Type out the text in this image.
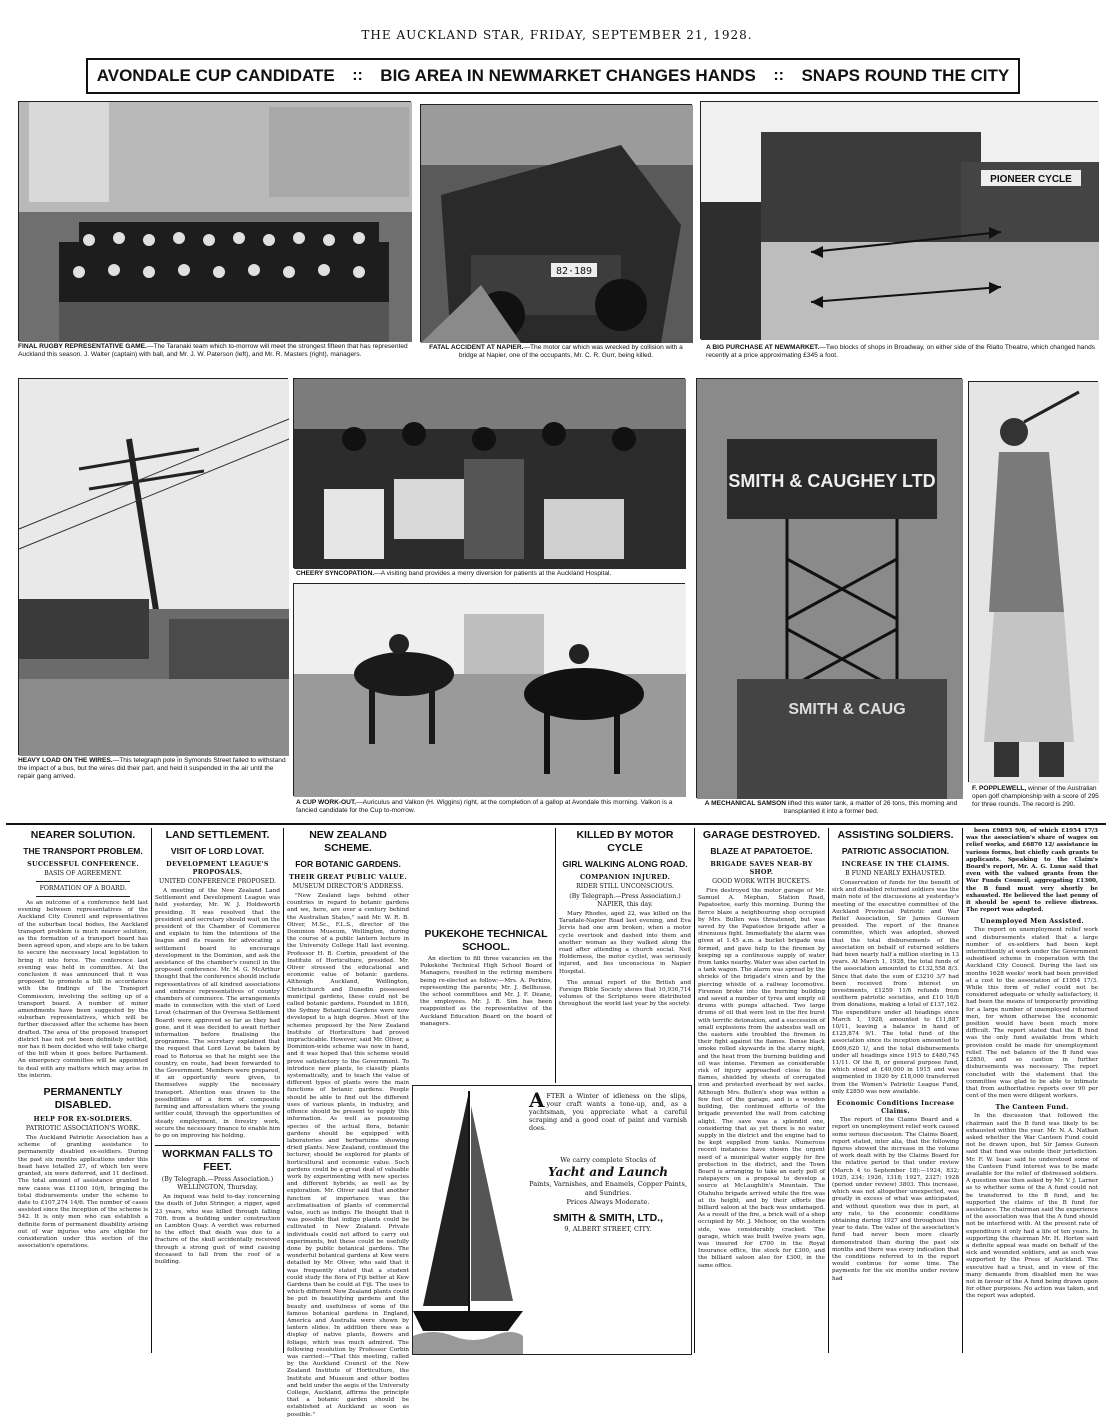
THE AUCKLAND STAR, FRIDAY, SEPTEMBER 21, 1928.
AVONDALE CUP CANDIDATE :: BIG AREA IN NEWMARKET CHANGES HANDS :: SNAPS ROUND THE CITY
FINAL RUGBY REPRESENTATIVE GAME.—The Taranaki team which to-morrow will meet the strongest fifteen that has represented Auckland this season. J. Walter (captain) with ball, and Mr. J. W. Paterson (left), and Mr. R. Masters (right), managers.
82·189
FATAL ACCIDENT AT NAPIER.—The motor car which was wrecked by collision with a bridge at Napier, one of the occupants, Mr. C. R. Gurr, being killed.
PIONEER CYCLE
A BIG PURCHASE AT NEWMARKET.—Two blocks of shops in Broadway, on either side of the Rialto Theatre, which changed hands recently at a price approximating £345 a foot.
HEAVY LOAD ON THE WIRES.—This telegraph pole in Symonds Street failed to withstand the impact of a bus, but the wires did their part, and held it suspended in the air until the repair gang arrived.
CHEERY SYNCOPATION.—A visiting band provides a merry diversion for patients at the Auckland Hospital.
A CUP WORK-OUT.—Auriculus and Valkon (H. Wiggins) right, at the completion of a gallop at Avondale this morning. Valkon is a fancied candidate for the Cup to-morrow.
SMITH & CAUGHEY LTD
SMITH & CAUG
A MECHANICAL SAMSON lifted this water tank, a matter of 26 tons, this morning and transplanted it into a former bed.
F. POPPLEWELL, winner of the Australian open golf championship with a score of 295 for three rounds. The record is 290.
NEARER SOLUTION.
THE TRANSPORT PROBLEM.
SUCCESSFUL CONFERENCE.
BASIS OF AGREEMENT.
FORMATION OF A BOARD.

As an outcome of a conference held last evening between representatives of the Auckland City Council and representatives of the suburban local bodies, the Auckland transport problem is much nearer solution, as the formation of a transport board has been agreed upon, and steps are to be taken to secure the necessary local legislation to bring it into force. The conference last evening was held in committee. At the conclusion it was announced that it was proposed to promote a bill in accordance with the findings of the Transport Commission, involving the setting up of a transport board. A number of minor amendments have been suggested by the suburban representatives, which will be further discussed after the scheme has been drafted. The area of the proposed transport district has not yet been definitely settled, nor has it been decided who will take charge of the bill when it goes before Parliament. An emergency committee will be appointed to deal with any matters which may arise in the interim.

PERMANENTLY DISABLED.
HELP FOR EX-SOLDIERS.
PATRIOTIC ASSOCIATION'S WORK.

The Auckland Patriotic Association has a scheme of granting assistance to permanently disabled ex-soldiers. During the past six months applications under this head have totalled 27, of which ten were granted, six were deferred, and 11 declined. The total amount of assistance granted to new cases was £1100 10/6, bringing the total disbursements under the scheme to date to £107,274 14/6. The number of cases assisted since the inception of the scheme is 542. It is only men who can establish a definite form of permanent disability arising out of war injuries who are eligible for consideration under this section of the association's operations.

LAND SETTLEMENT.
VISIT OF LORD LOVAT.
DEVELOPMENT LEAGUE'S PROPOSALS.
UNITED CONFERENCE PROPOSED.

A meeting of the New Zealand Land Settlement and Development League was held yesterday, Mr. W. J. Holdsworth presiding. It was resolved that the president and secretary should wait on the president of the Chamber of Commerce and explain to him the intentions of the league and its reason for advocating a settlement board to encourage development in the Dominion, and ask the assistance of the chamber's council in the proposed conference. Mr. M. G. McArthur thought that the conference should include representatives of all kindred associations and embrace representatives of country chambers of commerce. The arrangements made in connection with the visit of Lord Lovat (chairman of the Oversea Settlement Board) were approved so far as they had gone, and it was decided to await further information before finalising the programme. The secretary explained that the request that Lord Lovat be taken by road to Rotorua so that he might see the country, en route, had been forwarded to the Government. Members were prepared, if an opportunity were given, to themselves supply the necessary transport. Attention was drawn to the possibilities of a form of composite farming and afforestation where the young settler could, through the opportunities of steady employment, in forestry work, secure the necessary finance to enable him to go on improving his holding.

WORKMAN FALLS TO FEET.
(By Telegraph.—Press Association.) WELLINGTON, Thursday.

An inquest was held to-day concerning the death of John Stringer, a rigger, aged 23 years, who was killed through falling 70ft. from a building under construction on Lambton Quay. A verdict was returned to the effect that death was due to a fracture of the skull accidentally received through a strong gust of wind causing deceased to fall from the roof of a building.

NEW ZEALAND SCHEME.
FOR BOTANIC GARDENS.
THEIR GREAT PUBLIC VALUE.
MUSEUM DIRECTOR'S ADDRESS.

"New Zealand lags behind other countries in regard to botanic gardens and we, here, are over a century behind the Australian States," said Mr. W. R. B. Oliver, M.Sc., F.L.S., director of the Dominion Museum, Wellington, during the course of a public lantern lecture in the University College Hall last evening. Professor H. B. Corbin, president of the Institute of Horticulture, presided. Mr. Oliver stressed the educational and economic value of botanic gardens. Although Auckland, Wellington, Christchurch and Dunedin possessed municipal gardens, these could not be called botanic gardens. Founded in 1816, the Sydney Botanical Gardens were now developed to a high degree. Most of the schemes proposed by the New Zealand Institute of Horticulture had proved impracticable. However, said Mr. Oliver, a Dominion-wide scheme was now in hand, and it was hoped that this scheme would prove satisfactory to the Government. To introduce new plants, to classify plants systematically, and to teach the value of different types of plants were the main functions of botanic gardens. People should be able to find out the different uses of various plants, in industry, and offence should be present to supply this information. As well as possessing species of the actual flora, botanic gardens should be equipped with laboratories and herbariums showing dried plants. New Zealand, continued the lecturer, should be explored for plants of horticultural and economic value. Such gardens could be a great deal of valuable work by experimenting with new species and different hybrids, as well as by exploration. Mr. Oliver said that another function of importance was the acclimatisation of plants of commercial value, such as indigo. He thought that it was possible that indigo plants could be cultivated in New Zealand. Private individuals could not afford to carry out experiments, but these could be usefully done by public botanical gardens. The wonderful botanical gardens at Kew were detailed by Mr. Oliver, who said that it was frequently stated that a student could study the flora of Fiji better at Kew Gardens than he could at Fiji. The uses to which different New Zealand plants could be put in beautifying gardens and the beauty and usefulness of some of the famous botanical gardens in England, America and Australia were shown by lantern slides. In addition there was a display of native plants, flowers and foliage, which was much admired. The following resolution by Professor Corbin was carried:—"That this meeting, called by the Auckland Council of the New Zealand Institute of Horticulture, the Institute and Museum and other bodies and held under the aegis of the University College, Auckland, affirms the principle that a botanic garden should be established at Auckland as soon as possible."

PUKEKOHE TECHNICAL SCHOOL.

An election to fill three vacancies on the Pukekohe Technical High School Board of Managers, resulted in the retiring members being re-elected as follow:—Mrs. A. Perkins, representing the parents; Mr. J. Bellhouse, the school committees and Mr. J. F. Deane, the employees. Mr. J. B. Sim has been reappointed as the representative of the Auckland Education Board on the board of managers.

KILLED BY MOTOR CYCLE
GIRL WALKING ALONG ROAD.
COMPANION INJURED.
RIDER STILL UNCONSCIOUS.
(By Telegraph.—Press Association.) NAPIER, this day.

Mary Rhodes, aged 22, was killed on the Taradale-Napier Road last evening, and Eva Jervis had one arm broken, when a motor cycle overtook and dashed into them and another woman as they walked along the road after attending a church social. Neil Holderness, the motor cyclist, was seriously injured, and lies unconscious in Napier Hospital.

The annual report of the British and Foreign Bible Society shows that 10,936,714 volumes of the Scriptures were distributed throughout the world last year by the society.

AFTER a Winter of idleness on the slips, your craft wants a tone-up, and, as a yachtsman, you appreciate what a careful scraping and a good coat of paint and varnish does.
We carry complete Stocks of
Yacht and Launch
Paints, Varnishes, and Enamels, Copper Paints, and Sundries.
Prices Always Moderate.
SMITH & SMITH, LTD.,
9, ALBERT STREET, CITY.
GARAGE DESTROYED.
BLAZE AT PAPATOETOE.
BRIGADE SAVES NEAR-BY SHOP.
GOOD WORK WITH BUCKETS.

Fire destroyed the motor garage of Mr. Samuel A. Mephan, Station Road, Papatoetoe, early this morning. During the fierce blaze a neighbouring shop occupied by Mrs. Bullen was threatened, but was saved by the Papatoetoe brigade after a strenuous fight. Immediately the alarm was given at 1.45 a.m. a bucket brigade was formed, and gave help to the firemen by keeping up a continuous supply of water from tanks nearby. Water was also carted in a tank wagon. The alarm was spread by the shrieks of the brigade's siren and by the piercing whistle of a railway locomotive. Firemen broke into the burning building and saved a number of tyres and empty oil drums with pumps attached. Two large drums of oil that were lost in the fire burst with terrific detonation, and a succession of small explosions from the asbestos wall on the eastern side troubled the firemen in their fight against the flames. Dense black smoke rolled skywards in the starry night, and the heat from the burning building and oil was intense. Firemen as considerable risk of injury approached close to the flames, shielded by sheets of corrugated iron and protected overhead by wet sacks. Although Mrs. Bullen's shop was within a few feet of the garage, and is a wooden building, the continued efforts of the brigade prevented the wall from catching alight. The save was a splendid one, considering that as yet there is no water supply in the district and the engine had to be kept supplied from tanks. Numerous recent instances have shown the urgent need of a municipal water supply for fire protection in the district, and the Town Board is arranging to take an early poll of ratepayers on a proposal to develop a source at McLaughlin's Mountain. The Otahuhu brigade arrived while the fire was at its height, and by their efforts the billiard saloon at the back was undamaged. As a result of the fire, a brick wall of a shop occupied by Mr. J. Mehoor, on the western side, was considerably cracked. The garage, which was built twelve years ago, was insured for £700 in the Royal Insurance office, the stock for £300, and the billiard saloon also for £300, in the same office.

ASSISTING SOLDIERS.
PATRIOTIC ASSOCIATION.
INCREASE IN THE CLAIMS.
B FUND NEARLY EXHAUSTED.

Conservation of funds for the benefit of sick and disabled returned soldiers was the main note of the discussions at yesterday's meeting of the executive committee of the Auckland Provincial Patriotic and War Relief Association, Sir James Gunson presided. The report of the finance committee, which was adopted, showed that the total disbursements of the association on behalf of returned soldiers had been nearly half a million sterling in 13 years. At March 1, 1928, the total funds of the association amounted to £132,558 8/3. Since that date the sum of £3210 3/7 had been received from interest on investments, £1259 11/6 refunds from southern patriotic societies, and £10 16/8 from donations, making a total of £137,162. The expenditure under all headings since March 1, 1928, amounted to £11,887 10/11, leaving a balance in hand of £125,874 9/1. The total fund of the association since its inception amounted to £609,620 1/, and the total disbursements under all headings since 1915 to £480,745 11/11. Of the B, or general purpose fund, which stood at £40,000 in 1915 and was augmented in 1920 by £18,000 transferred from the Women's Patriotic League Fund, only £2850 was now available.

Economic Conditions Increase Claims.

The report of the Claims Board and a report on unemployment relief work caused some serious discussion. The Claims Board, report stated, inter alia, that the following figures showed the increase in the volume of work dealt with by the Claims Board for the relative period to that under review (March 4 to September 18):—1924, 832; 1925, 234; 1926, 1318; 1927, 2327; 1928 (period under review) 3803. This increase, which was not altogether unexpected, was greatly in excess of what was anticipated, and without question was due in part, at any rate, to the economic conditions obtaining during 1927 and throughout this year to date. The value of the association's fund had never been more clearly demonstrated than during the past six months and there was every indication that the conditions referred to in the report would continue for some time. The payments for the six months under review had

been £9893 9/6, of which £1954 17/3 was the association's share of wages on relief works, and £6870 12/ assistance in various forms, but chiefly cash grants to applicants. Speaking to the Claim's Board's report, Mr. A. G. Lunn said that even with the valued grants from the War Funds Council, aggregating £1300, the B fund must very shortly be exhausted. He believed the last penny of it should be spent to relieve distress. The report was adopted.

Unemployed Men Assisted.

The report on unemployment relief work and disbursements stated that a large number of ex-soldiers had been kept intermittently at work under the Government subsidised scheme in cooperation with the Auckland City Council. During the last six months 1628 weeks' work had been provided at a cost to the association of £1954 17/3. While this form of relief could not be considered adequate or wholly satisfactory, it had been the means of temporarily providing for a large number of unemployed returned men, for whom otherwise the economic position would have been much more difficult. The report stated that the B fund was the only fund available from which provision could be made for unemployment relief. The net balance of the B fund was £2850, and so caution in further disbursements was necessary. The report concluded with the statement that the committee was glad to be able to intimate that from authoritative reports over 90 per cent of the men were diligent workers.

The Canteen Fund.

In the discussion that followed the chairman said the B fund was likely to be exhausted within the year. Mr. N. A. Nathan asked whether the War Canteen Fund could not be drawn upon, but Sir James Gunson said that fund was outside their jurisdiction. Mr. F. W. Isaac said he understood some of the Canteen Fund interest was to be made available for the relief of distressed soldiers. A question was then asked by Mr. V. J. Larner as to whether some of the A fund could not be transferred to the B fund, and he supported the claims of the B fund for assistance. The chairman said the experience of the association was that the A fund should not be interfered with. At the present rate of expenditure it only had a life of ten years. In supporting the chairman Mr. H. Horton said a definite appeal was made on behalf of the sick and wounded soldiers, and as such was supported by the Press of Auckland. The executive had a trust, and in view of the many demands from disabled men he was not in favour of the A fund being drawn upon for other purposes. No action was taken, and the report was adopted.
